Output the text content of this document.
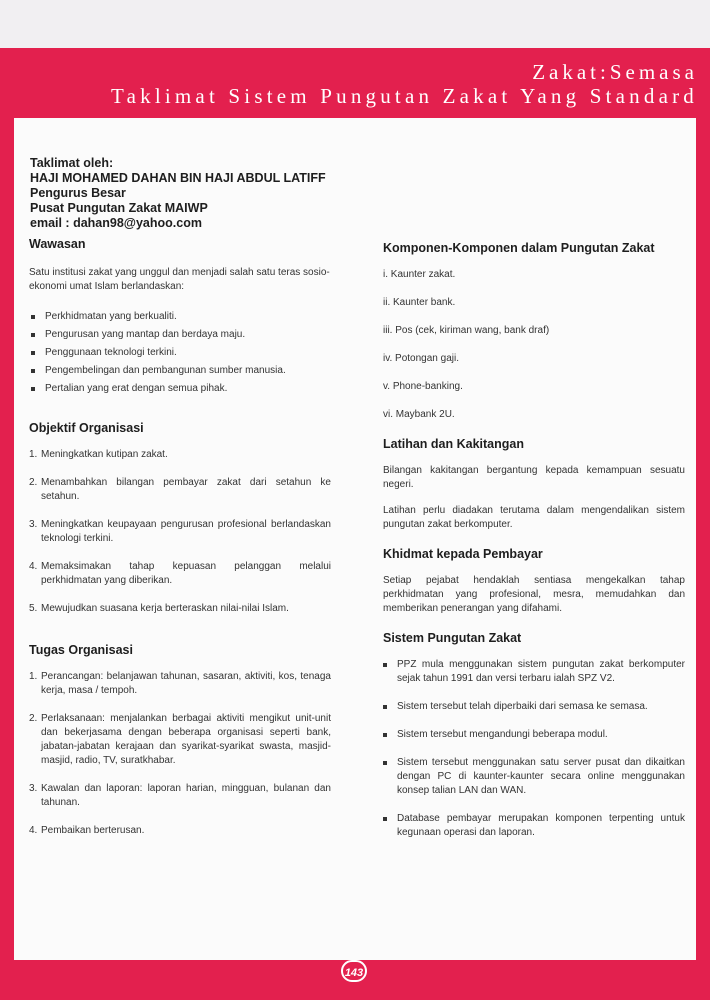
Zakat:Semasa
Taklimat Sistem Pungutan Zakat Yang Standard
Taklimat oleh:
HAJI MOHAMED DAHAN BIN HAJI ABDUL LATIFF
Pengurus Besar
Pusat Pungutan Zakat MAIWP
email : dahan98@yahoo.com
Wawasan

Satu institusi zakat yang unggul dan menjadi salah satu teras sosio-ekonomi umat Islam berlandaskan:

Perkhidmatan yang berkualiti.
Pengurusan yang mantap dan berdaya maju.
Penggunaan teknologi terkini.
Pengembelingan dan pembangunan sumber manusia.
Pertalian yang erat dengan semua pihak.
Objektif Organisasi
1. Meningkatkan kutipan zakat.
2. Menambahkan bilangan pembayar zakat dari setahun ke setahun.
3. Meningkatkan keupayaan pengurusan profesional berlandaskan teknologi terkini.
4. Memaksimakan tahap kepuasan pelanggan melalui perkhidmatan yang diberikan.
5. Mewujudkan suasana kerja berteraskan nilai-nilai Islam.
Tugas Organisasi
1. Perancangan: belanjawan tahunan, sasaran, aktiviti, kos, tenaga kerja, masa / tempoh.
2. Perlaksanaan: menjalankan berbagai aktiviti mengikut unit-unit dan bekerjasama dengan beberapa organisasi seperti bank, jabatan-jabatan kerajaan dan syarikat-syarikat swasta, masjid-masjid, radio, TV, suratkhabar.
3. Kawalan dan laporan: laporan harian, mingguan, bulanan dan tahunan.
4. Pembaikan berterusan.
Komponen-Komponen dalam Pungutan Zakat

i. Kaunter zakat.

ii. Kaunter bank.

iii. Pos (cek, kiriman wang, bank draf)

iv. Potongan gaji.

v. Phone-banking.

vi. Maybank 2U.

Latihan dan Kakitangan

Bilangan kakitangan bergantung kepada kemampuan sesuatu negeri.

Latihan perlu diadakan terutama dalam mengendalikan sistem pungutan zakat berkomputer.

Khidmat kepada Pembayar

Setiap pejabat hendaklah sentiasa mengekalkan tahap perkhidmatan yang profesional, mesra, memudahkan dan memberikan penerangan yang difahami.

Sistem Pungutan Zakat
PPZ mula menggunakan sistem pungutan zakat berkomputer sejak tahun 1991 dan versi terbaru ialah SPZ V2.
Sistem tersebut telah diperbaiki dari semasa ke semasa.
Sistem tersebut mengandungi beberapa modul.
Sistem tersebut menggunakan satu server pusat dan dikaitkan dengan PC di kaunter-kaunter secara online menggunakan konsep talian LAN dan WAN.
Database pembayar merupakan komponen terpenting untuk kegunaan operasi dan laporan.
143
